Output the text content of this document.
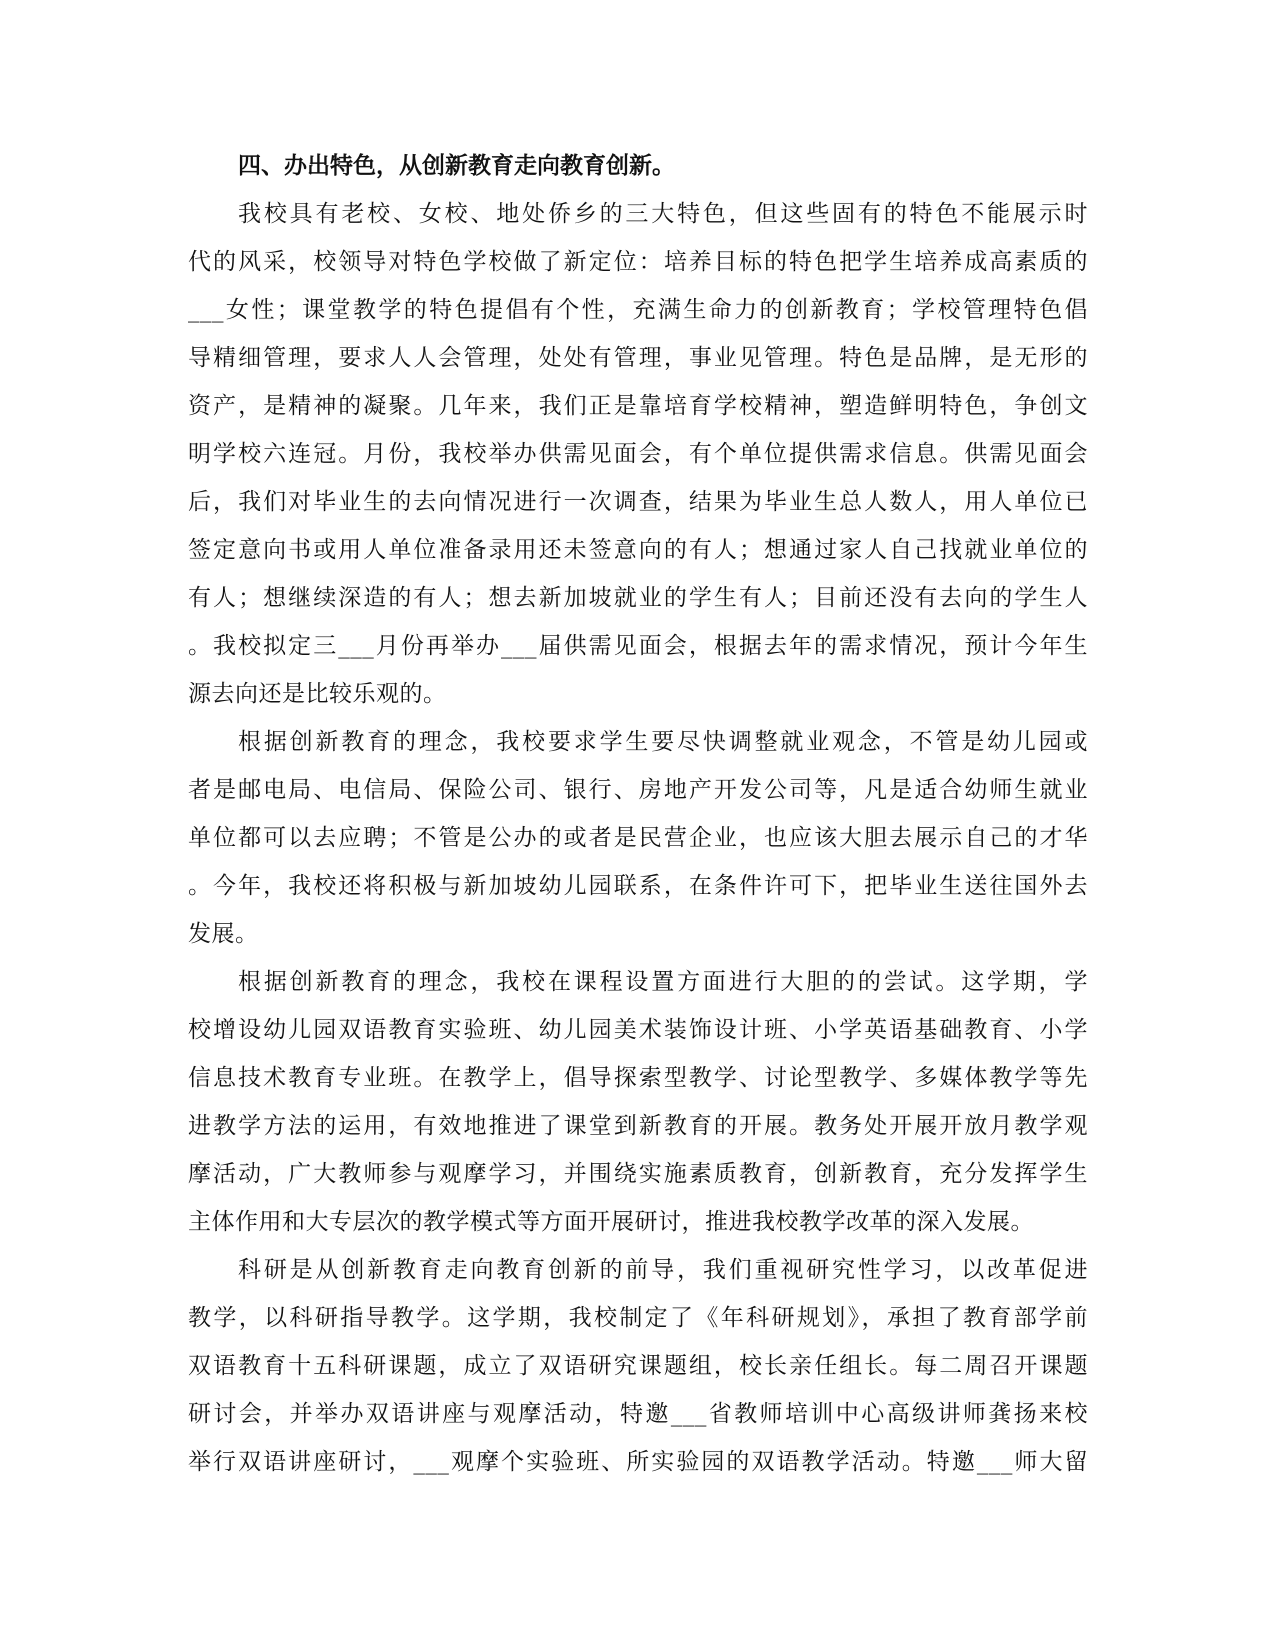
四、办出特色，从创新教育走向教育创新。
我校具有老校、女校、地处侨乡的三大特色，但这些固有的特色不能展示时
代的风采，校领导对特色学校做了新定位：培养目标的特色把学生培养成高素质的
___女性；课堂教学的特色提倡有个性，充满生命力的创新教育；学校管理特色倡
导精细管理，要求人人会管理，处处有管理，事业见管理。特色是品牌，是无形的
资产，是精神的凝聚。几年来，我们正是靠培育学校精神，塑造鲜明特色，争创文
明学校六连冠。月份，我校举办供需见面会，有个单位提供需求信息。供需见面会
后，我们对毕业生的去向情况进行一次调查，结果为毕业生总人数人，用人单位已
签定意向书或用人单位准备录用还未签意向的有人；想通过家人自己找就业单位的
有人；想继续深造的有人；想去新加坡就业的学生有人；目前还没有去向的学生人
。我校拟定三___月份再举办___届供需见面会，根据去年的需求情况，预计今年生
源去向还是比较乐观的。
根据创新教育的理念，我校要求学生要尽快调整就业观念，不管是幼儿园或
者是邮电局、电信局、保险公司、银行、房地产开发公司等，凡是适合幼师生就业
单位都可以去应聘；不管是公办的或者是民营企业，也应该大胆去展示自己的才华
。今年，我校还将积极与新加坡幼儿园联系，在条件许可下，把毕业生送往国外去
发展。
根据创新教育的理念，我校在课程设置方面进行大胆的的尝试。这学期，学
校增设幼儿园双语教育实验班、幼儿园美术装饰设计班、小学英语基础教育、小学
信息技术教育专业班。在教学上，倡导探索型教学、讨论型教学、多媒体教学等先
进教学方法的运用，有效地推进了课堂到新教育的开展。教务处开展开放月教学观
摩活动，广大教师参与观摩学习，并围绕实施素质教育，创新教育，充分发挥学生
主体作用和大专层次的教学模式等方面开展研讨，推进我校教学改革的深入发展。
科研是从创新教育走向教育创新的前导，我们重视研究性学习，以改革促进
教学，以科研指导教学。这学期，我校制定了《年科研规划》，承担了教育部学前
双语教育十五科研课题，成立了双语研究课题组，校长亲任组长。每二周召开课题
研讨会，并举办双语讲座与观摩活动，特邀___省教师培训中心高级讲师龚扬来校
举行双语讲座研讨，___观摩个实验班、所实验园的双语教学活动。特邀___师大留
